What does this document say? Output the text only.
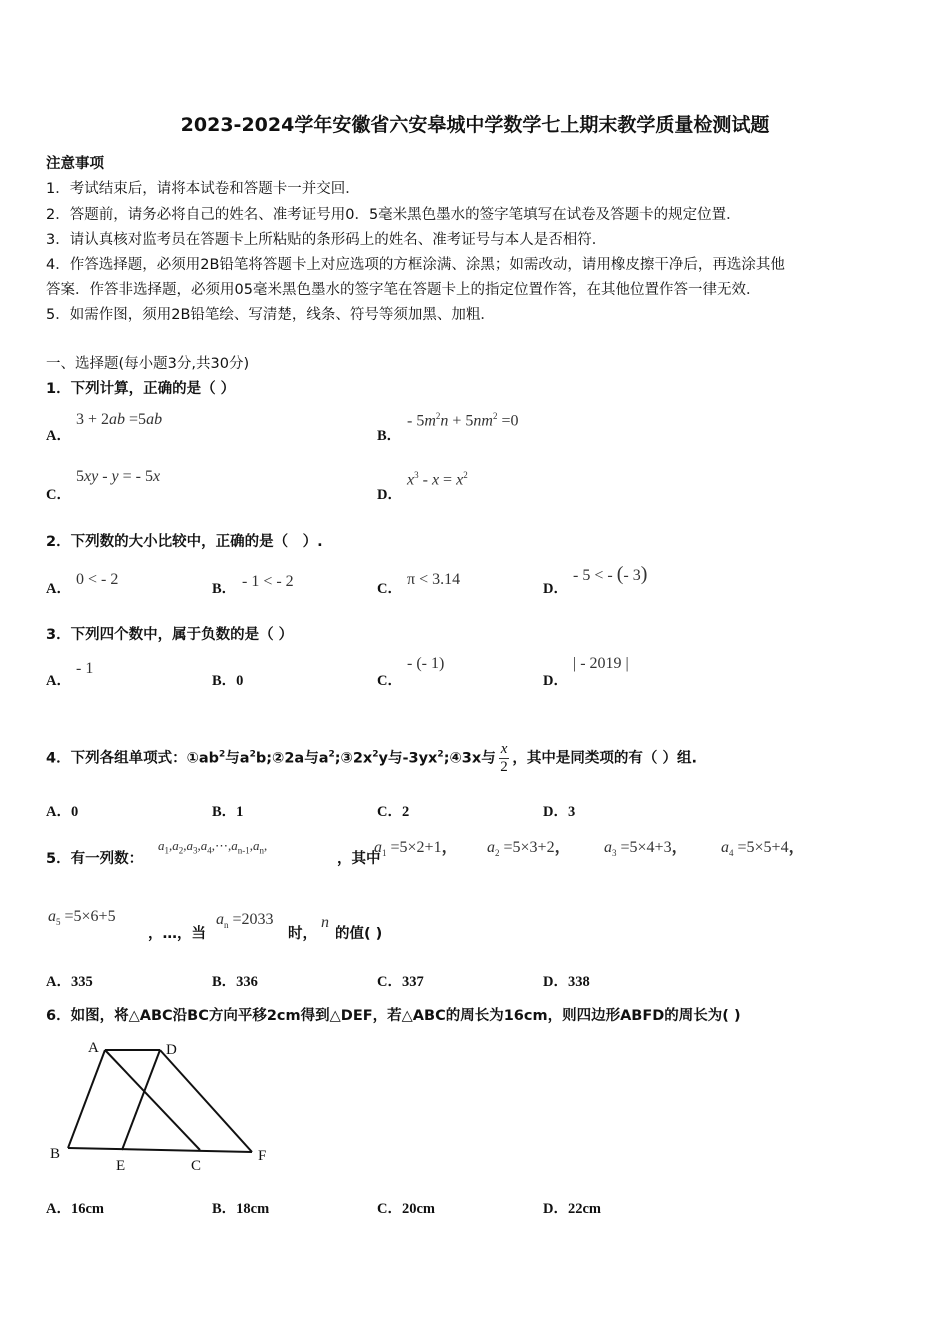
2023-2024学年安徽省六安皋城中学数学七上期末教学质量检测试题
注意事项
1．考试结束后，请将本试卷和答题卡一并交回．
2．答题前，请务必将自己的姓名、准考证号用0．5毫米黑色墨水的签字笔填写在试卷及答题卡的规定位置．
3．请认真核对监考员在答题卡上所粘贴的条形码上的姓名、准考证号与本人是否相符．
4．作答选择题，必须用2B铅笔将答题卡上对应选项的方框涂满、涂黑；如需改动，请用橡皮擦干净后，再选涂其他
答案．作答非选择题，必须用05毫米黑色墨水的签字笔在答题卡上的指定位置作答，在其他位置作答一律无效．
5．如需作图，须用2B铅笔绘、写清楚，线条、符号等须加黑、加粗．
一、选择题(每小题3分,共30分)
1．下列计算，正确的是（ ）
A．
3 + 2ab =5ab
B．
- $5m^2n + 5nm^2 =0$
C．
5xy - y = - 5x
D．
$x^3 - x = x^2$
2．下列数的大小比较中，正确的是（　）.
A．
0 < - 2
B． - 1 < - 2	C．
π < 3.14
D．
- 5 < - (- 3)
3．下列四个数中，属于负数的是（ ）
A．
- 1
B．0	C．
- (- 1)
D．
| - 2019 |
4．下列各组单项式：$①ab^2$与$a^2b;②2a$与$a^2;③2x^2y$与$-3yx^2;④3x$与 $\frac{x}{2}$ ，其中是同类项的有（ ）组.
A．0	B．1	C．2	D．3
5．有一列数：
$a_1,a_2,a_3,a_4,\cdots,a_{n-1},a_n$,
，其中
$a_1 =5\times 2+1$， $a_2 =5\times 3+2$， $a_3 =5\times 4+3$， $a_4 =5\times 5+4$，
$a_5 =5\times 6+5$
，…，当
$a_n =2033$
时，
n
的值( )
A．335	B．336	C．337	D．338
6．如图，将△ABC沿BC方向平移2cm得到△DEF，若△ABC的周长为16cm，则四边形ABFD的周长为( )
A	D
B
E	C
F
A．16cm	B．18cm	C．20cm	D．22cm
